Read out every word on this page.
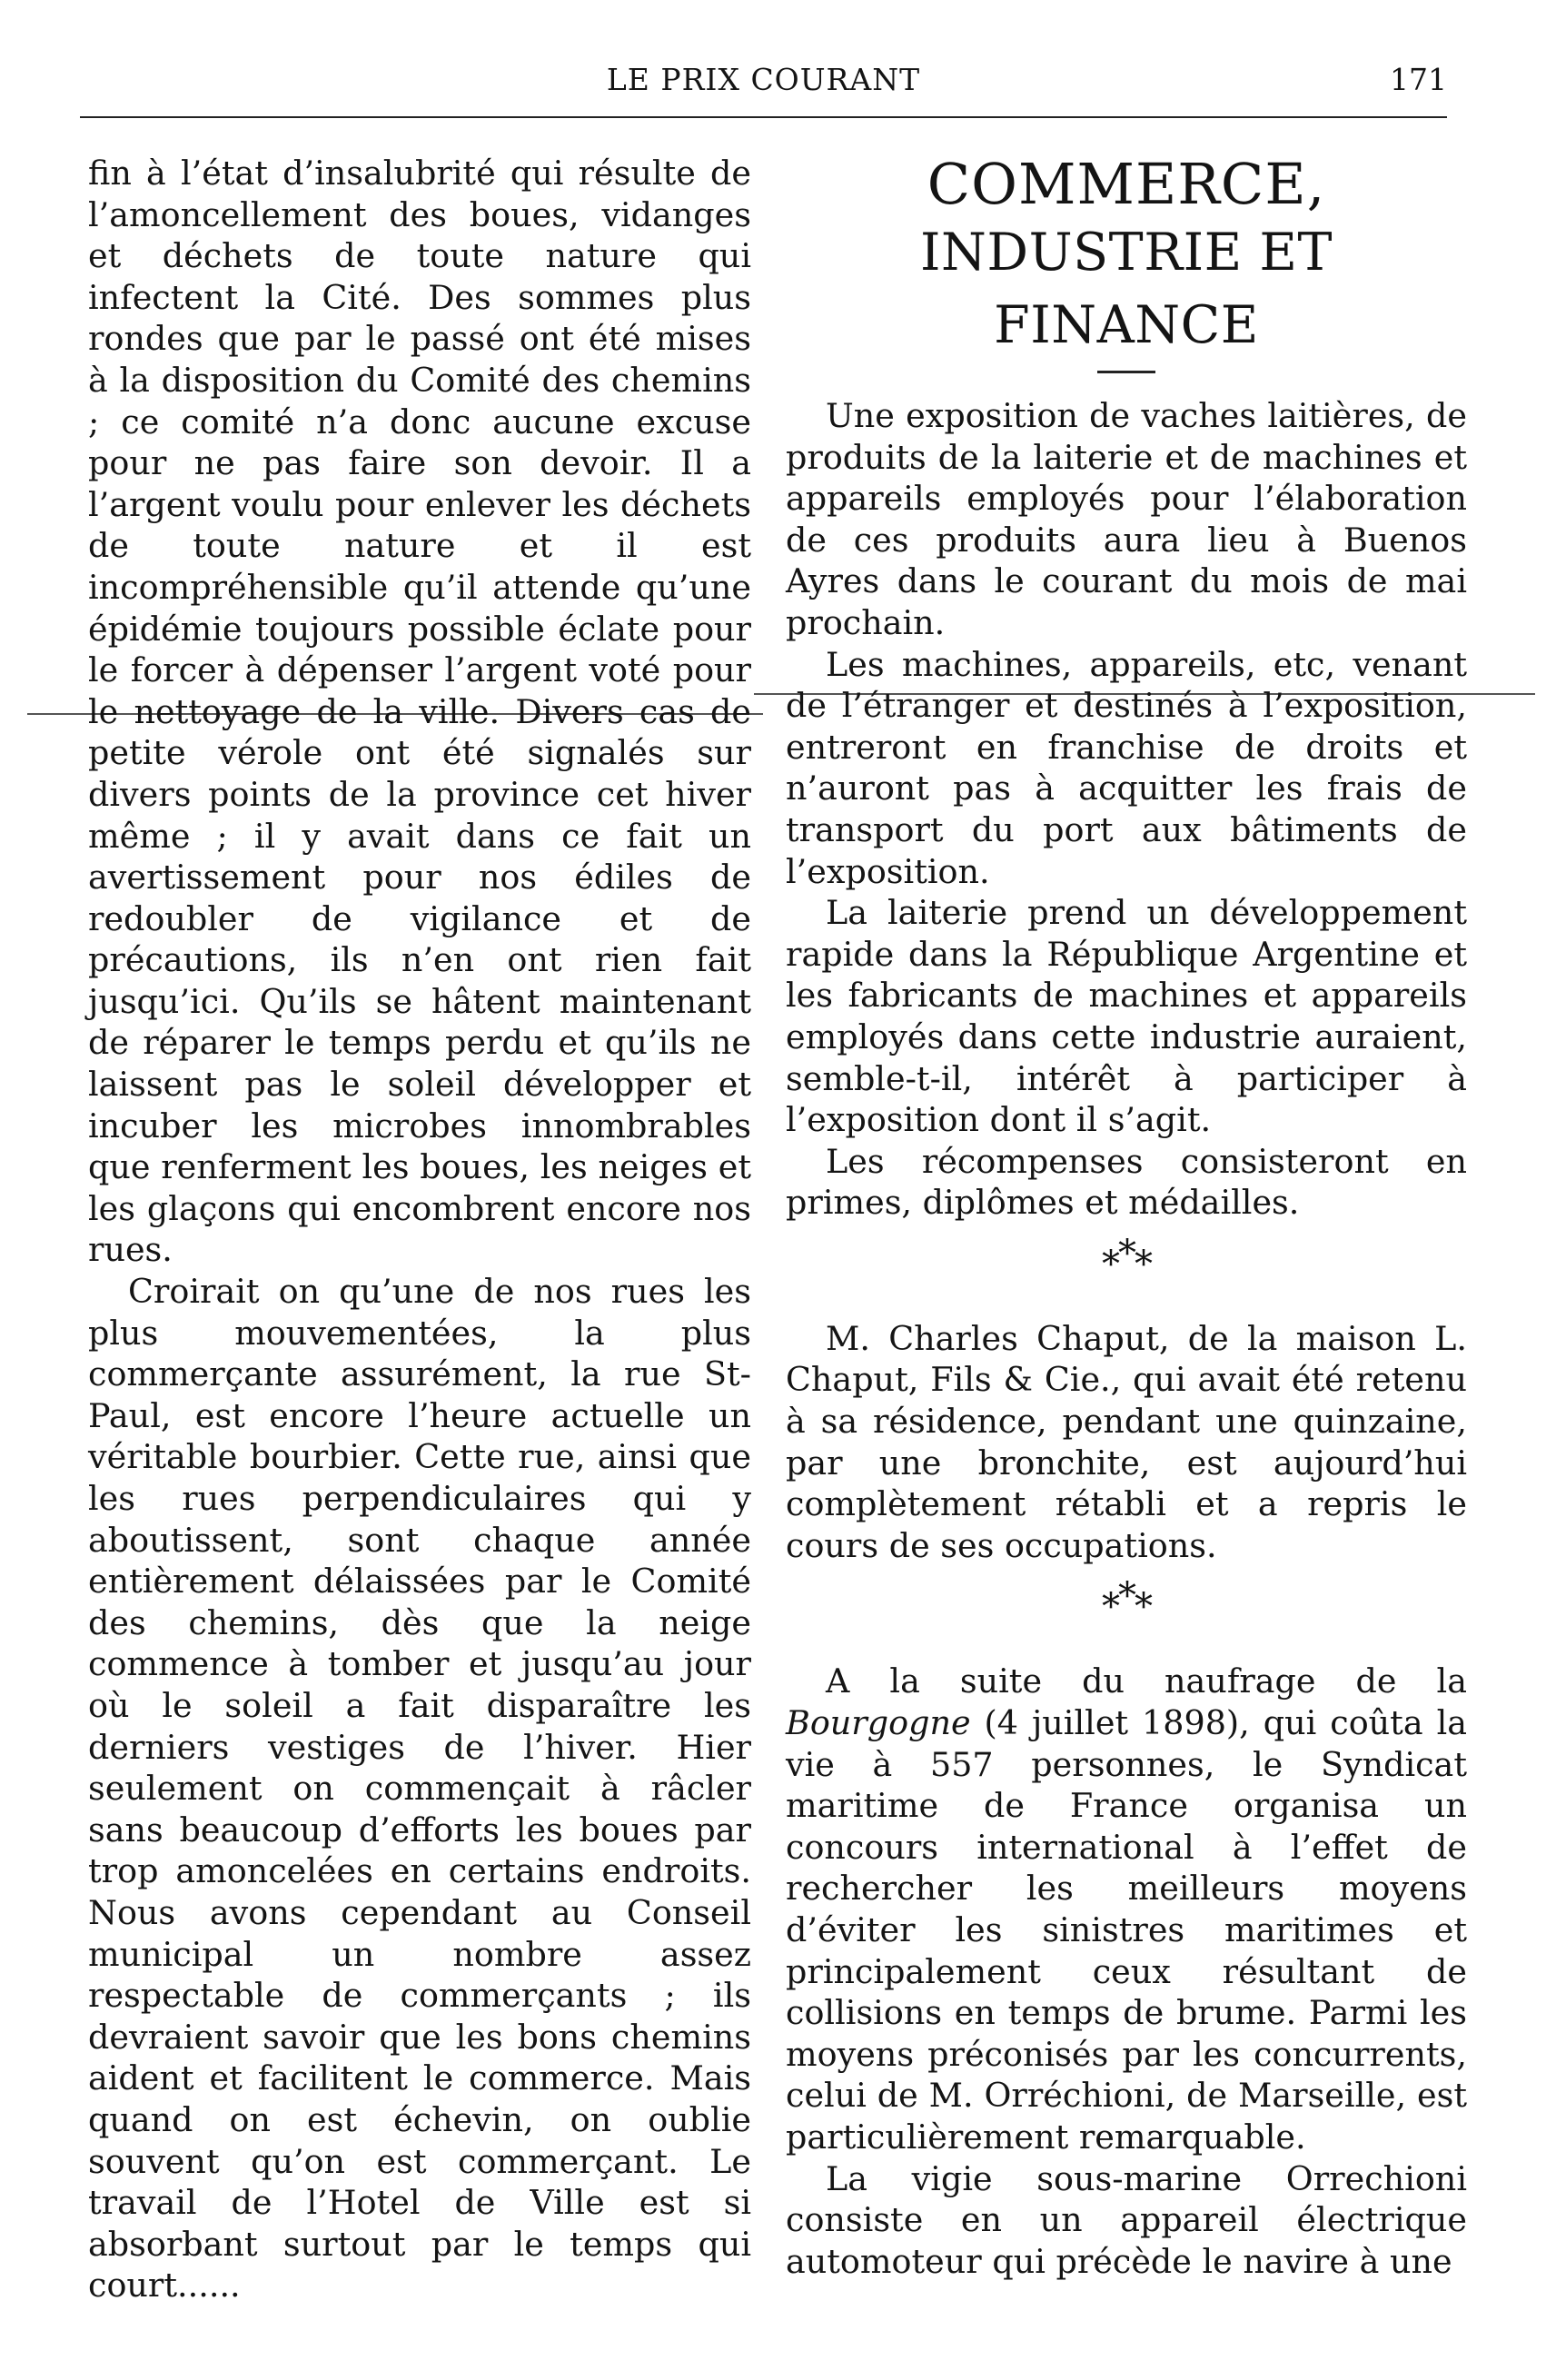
LE PRIX COURANT	171

fin à l’état d’insalubrité qui résulte de l’amoncellement des boues, vidanges et déchets de toute nature qui infectent la Cité. Des sommes plus rondes que par le passé ont été mises à la disposition du Comité des chemins ; ce comité n’a donc aucune excuse pour ne pas faire son devoir. Il a l’argent voulu pour enlever les déchets de toute nature et il est incompréhensible qu’il attende qu’une épidémie toujours possible éclate pour le forcer à dépenser l’argent voté pour le nettoyage de la ville. Divers cas de petite vérole ont été signalés sur divers points de la province cet hiver même ; il y avait dans ce fait un avertissement pour nos édiles de redoubler de vigilance et de précautions, ils n’en ont rien fait jusqu’ici. Qu’ils se hâtent maintenant de réparer le temps perdu et qu’ils ne laissent pas le soleil développer et incuber les microbes innombrables que renferment les boues, les neiges et les glaçons qui encombrent encore nos rues.

Croirait on qu’une de nos rues les plus mouvementées, la plus commerçante assurément, la rue St-Paul, est encore l’heure actuelle un véritable bourbier. Cette rue, ainsi que les rues perpendiculaires qui y aboutissent, sont chaque année entièrement délaissées par le Comité des chemins, dès que la neige commence à tomber et jusqu’au jour où le soleil a fait disparaître les derniers vestiges de l’hiver. Hier seulement on commençait à râcler sans beaucoup d’efforts les boues par trop amoncelées en certains endroits. Nous avons cependant au Conseil municipal un nombre assez respectable de commerçants ; ils devraient savoir que les bons chemins aident et facilitent le commerce. Mais quand on est échevin, on oublie souvent qu’on est commerçant. Le travail de l’Hotel de Ville est si absorbant surtout par le temps qui court......

COMMERCE,
INDUSTRIE ET FINANCE

Une exposition de vaches laitières, de produits de la laiterie et de machines et appareils employés pour l’élaboration de ces produits aura lieu à Buenos Ayres dans le courant du mois de mai prochain.

Les machines, appareils, etc, venant de l’étranger et destinés à l’exposition, entreront en franchise de droits et n’auront pas à acquitter les frais de transport du port aux bâtiments de l’exposition.

La laiterie prend un développement rapide dans la République Argentine et les fabricants de machines et appareils employés dans cette industrie auraient, semble-t-il, intérêt à participer à l’exposition dont il s’agit.

Les récompenses consisteront en primes, diplômes et médailles.

***

M. Charles Chaput, de la maison L. Chaput, Fils & Cie., qui avait été retenu à sa résidence, pendant une quinzaine, par une bronchite, est aujourd’hui complètement rétabli et a repris le cours de ses occupations.

***

A la suite du naufrage de la Bourgogne (4 juillet 1898), qui coûta la vie à 557 personnes, le Syndicat maritime de France organisa un concours international à l’effet de rechercher les meilleurs moyens d’éviter les sinistres maritimes et principalement ceux résultant de collisions en temps de brume. Parmi les moyens préconisés par les concurrents, celui de M. Orréchioni, de Marseille, est particulièrement remarquable.

La vigie sous-marine Orrechioni consiste en un appareil électrique automoteur qui précède le navire à une
